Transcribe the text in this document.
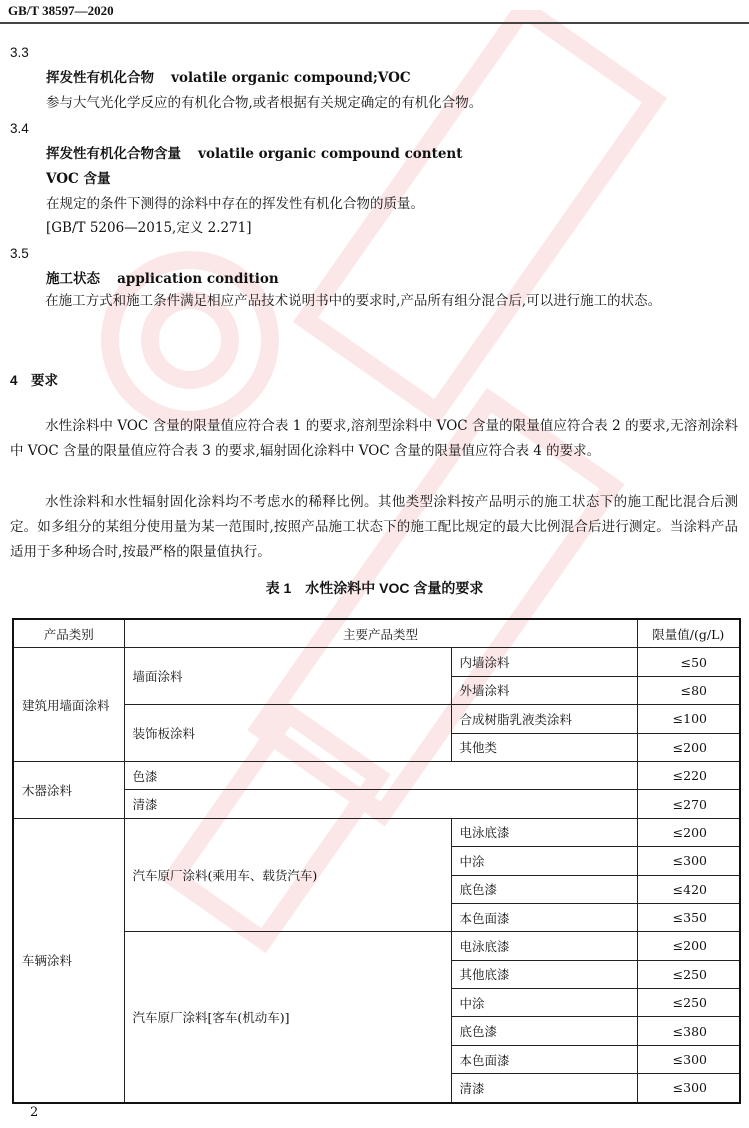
GB/T 38597—2020
3.3
挥发性有机化合物 volatile organic compound;VOC
参与大气光化学反应的有机化合物,或者根据有关规定确定的有机化合物。
3.4
挥发性有机化合物含量 volatile organic compound content
VOC 含量
在规定的条件下测得的涂料中存在的挥发性有机化合物的质量。
[GB/T 5206—2015,定义 2.271]
3.5
施工状态 application condition
在施工方式和施工条件满足相应产品技术说明书中的要求时,产品所有组分混合后,可以进行施工的状态。
4　要求
水性涂料中 VOC 含量的限量值应符合表 1 的要求,溶剂型涂料中 VOC 含量的限量值应符合表 2 的要求,无溶剂涂料中 VOC 含量的限量值应符合表 3 的要求,辐射固化涂料中 VOC 含量的限量值应符合表 4 的要求。
水性涂料和水性辐射固化涂料均不考虑水的稀释比例。其他类型涂料按产品明示的施工状态下的施工配比混合后测定。如多组分的某组分使用量为某一范围时,按照产品施工状态下的施工配比规定的最大比例混合后进行测定。当涂料产品适用于多种场合时,按最严格的限量值执行。
表 1　水性涂料中 VOC 含量的要求
产品类别	主要产品类型		限量值/(g/L)
建筑用墙面涂料	墙面涂料	内墙涂料	≤50
		外墙涂料	≤80
	装饰板涂料	合成树脂乳液类涂料	≤100
		其他类	≤200
木器涂料	色漆		≤220
	清漆		≤270
车辆涂料	汽车原厂涂料(乘用车、载货汽车)	电泳底漆	≤200
		中涂	≤300
		底色漆	≤420
		本色面漆	≤350
	汽车原厂涂料[客车(机动车)]	电泳底漆	≤200
		其他底漆	≤250
		中涂	≤250
		底色漆	≤380
		本色面漆	≤300
		清漆	≤300
2
